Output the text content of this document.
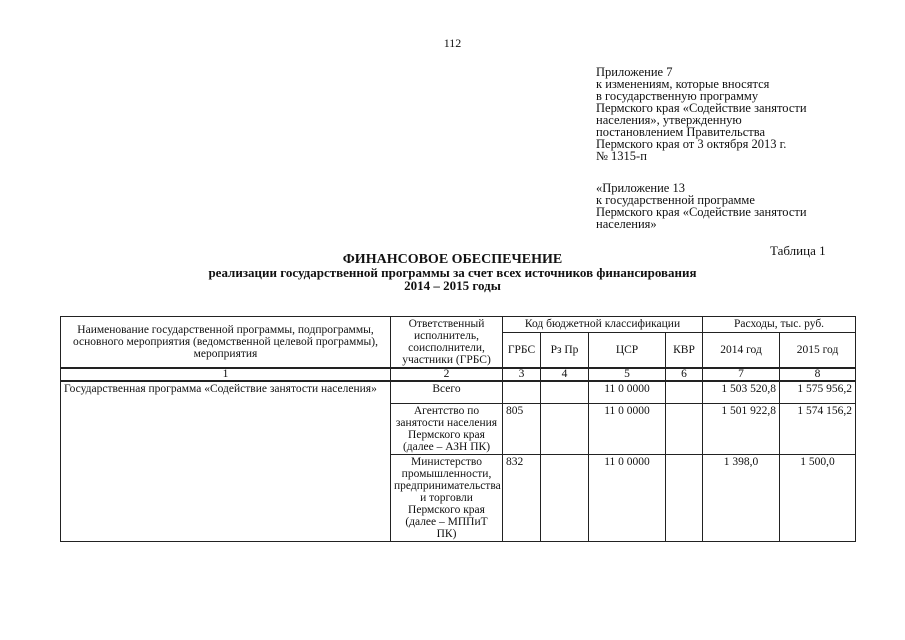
112
Приложение 7
к изменениям, которые вносятся
в государственную программу
Пермского края «Содействие занятости
населения», утвержденную
постановлением Правительства
Пермского края от 3 октября 2013 г.
№ 1315-п
«Приложение 13
к государственной программе
Пермского края «Содействие занятости
населения»
Таблица 1
ФИНАНСОВОЕ ОБЕСПЕЧЕНИЕ
реализации государственной программы за счет всех источников финансирования
2014 – 2015 годы
Наименование государственной программы, подпрограммы, основного мероприятия (ведомственной целевой программы), мероприятия	Ответственный исполнитель, соисполнители, участники (ГРБС)	Код бюджетной классификации				Расходы, тыс. руб.	
		ГРБС	Рз Пр	ЦСР	КВР	2014 год	2015 год
1	2	3	4	5	6	7	8
Государственная программа «Содействие занятости населения»	Всего			11 0 0000		1 503 520,8	1 575 956,2
	Агентство по занятости населения Пермского края (далее – АЗН ПК)	805		11 0 0000		1 501 922,8	1 574 156,2
	Министерство промышленности, предпринимательства и торговли Пермского края (далее – МППиТ ПК)	832		11 0 0000		1 398,0	1 500,0
